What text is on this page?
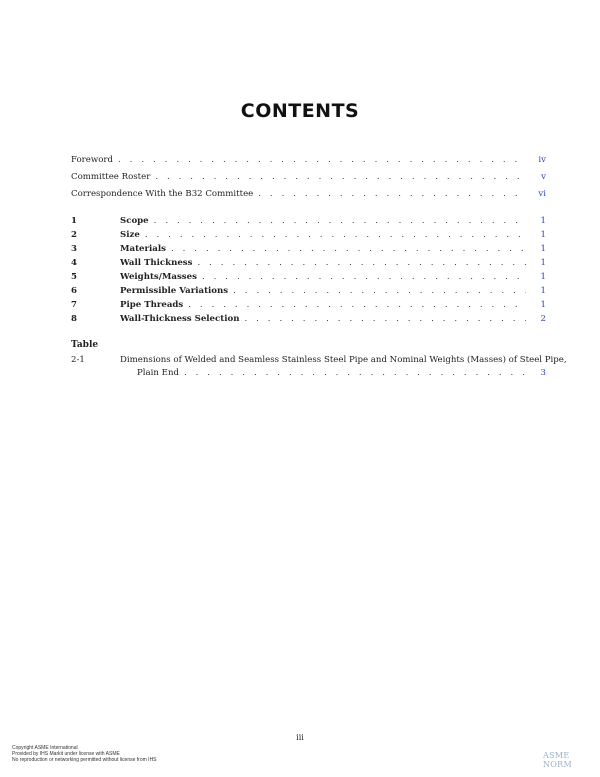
CONTENTS
Foreword . . .	iv
Committee Roster . . .	v
Correspondence With the B32 Committee . . .	vi
1	Scope . . .	1
2	Size . . .	1
3	Materials . . .	1
4	Wall Thickness . . .	1
5	Weights/Masses . . .	1
6	Permissible Variations . . .	1
7	Pipe Threads . . .	1
8	Wall-Thickness Selection . . .	2
Table
2-1	Dimensions of Welded and Seamless Stainless Steel Pipe and Nominal Weights (Masses) of Steel Pipe,
Plain End . . .	3
iii
Copyright ASME International
Provided by IHS Markit under license with ASME
No reproduction or networking permitted without license from IHS	ASME NORM
